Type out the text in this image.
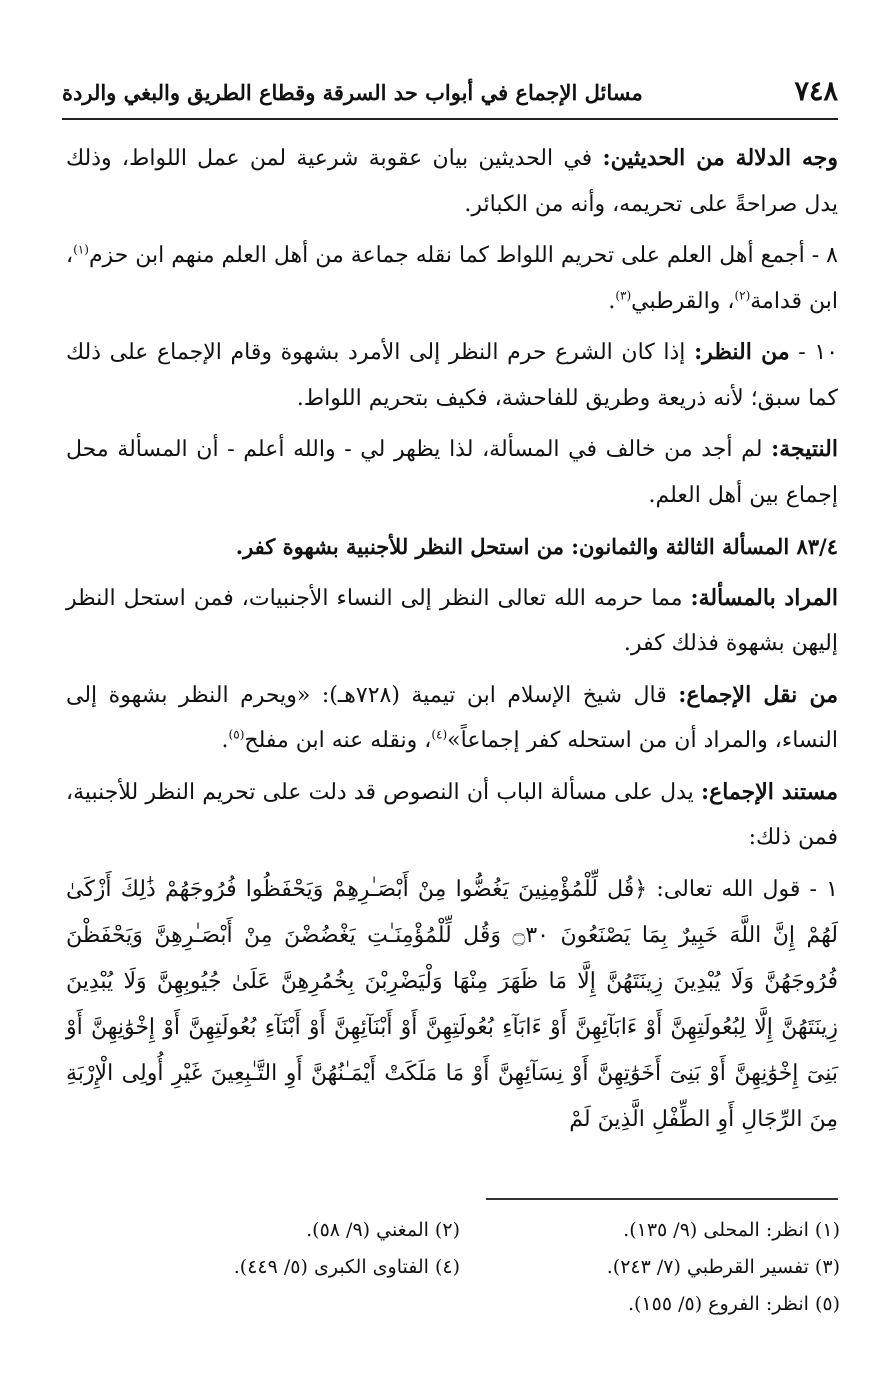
٧٤٨
مسائل الإجماع في أبواب حد السرقة وقطاع الطريق والبغي والردة

وجه الدلالة من الحديثين: في الحديثين بيان عقوبة شرعية لمن عمل اللواط، وذلك يدل صراحةً على تحريمه، وأنه من الكبائر.

٨ - أجمع أهل العلم على تحريم اللواط كما نقله جماعة من أهل العلم منهم ابن حزم$^{(١)}$، ابن قدامة$^{(٢)}$، والقرطبي$^{(٣)}$.

١٠ - من النظر: إذا كان الشرع حرم النظر إلى الأمرد بشهوة وقام الإجماع على ذلك كما سبق؛ لأنه ذريعة وطريق للفاحشة، فكيف بتحريم اللواط.

النتيجة: لم أجد من خالف في المسألة، لذا يظهر لي - والله أعلم - أن المسألة محل إجماع بين أهل العلم.

٨٣/٤ المسألة الثالثة والثمانون: من استحل النظر للأجنبية بشهوة كفر.

المراد بالمسألة: مما حرمه الله تعالى النظر إلى النساء الأجنبيات، فمن استحل النظر إليهن بشهوة فذلك كفر.

من نقل الإجماع: قال شيخ الإسلام ابن تيمية (٧٢٨هـ): «ويحرم النظر بشهوة إلى النساء، والمراد أن من استحله كفر إجماعاً»$^{(٤)}$، ونقله عنه ابن مفلح$^{(٥)}$.

مستند الإجماع: يدل على مسألة الباب أن النصوص قد دلت على تحريم النظر للأجنبية، فمن ذلك:

١ - قول الله تعالى: ﴿قُل لِّلْمُؤْمِنِينَ يَغُضُّوا مِنْ أَبْصَـٰرِهِمْ وَيَحْفَظُوا فُرُوجَهُمْ ذَٰلِكَ أَزْكَىٰ لَهُمْ إِنَّ اللَّهَ خَبِيرٌ بِمَا يَصْنَعُونَ ۝٣٠ وَقُل لِّلْمُؤْمِنَـٰتِ يَغْضُضْنَ مِنْ أَبْصَـٰرِهِنَّ وَيَحْفَظْنَ فُرُوجَهُنَّ وَلَا يُبْدِينَ زِينَتَهُنَّ إِلَّا مَا ظَهَرَ مِنْهَا وَلْيَضْرِبْنَ بِخُمُرِهِنَّ عَلَىٰ جُيُوبِهِنَّ وَلَا يُبْدِينَ زِينَتَهُنَّ إِلَّا لِبُعُولَتِهِنَّ أَوْ ءَابَآئِهِنَّ أَوْ ءَابَآءِ بُعُولَتِهِنَّ أَوْ أَبْنَآئِهِنَّ أَوْ أَبْنَآءِ بُعُولَتِهِنَّ أَوْ إِخْوَٰنِهِنَّ أَوْ بَنِىٓ إِخْوَٰنِهِنَّ أَوْ بَنِىٓ أَخَوَٰتِهِنَّ أَوْ نِسَآئِهِنَّ أَوْ مَا مَلَكَتْ أَيْمَـٰنُهُنَّ أَوِ التَّـٰبِعِينَ غَيْرِ أُولِى الْإِرْبَةِ مِنَ الرِّجَالِ أَوِ الطِّفْلِ الَّذِينَ لَمْ

(١) انظر: المحلى (٩/ ١٣٥).
(٢) المغني (٩/ ٥٨).
(٣) تفسير القرطبي (٧/ ٢٤٣).
(٤) الفتاوى الكبرى (٥/ ٤٤٩).
(٥) انظر: الفروع (٥/ ١٥٥).
